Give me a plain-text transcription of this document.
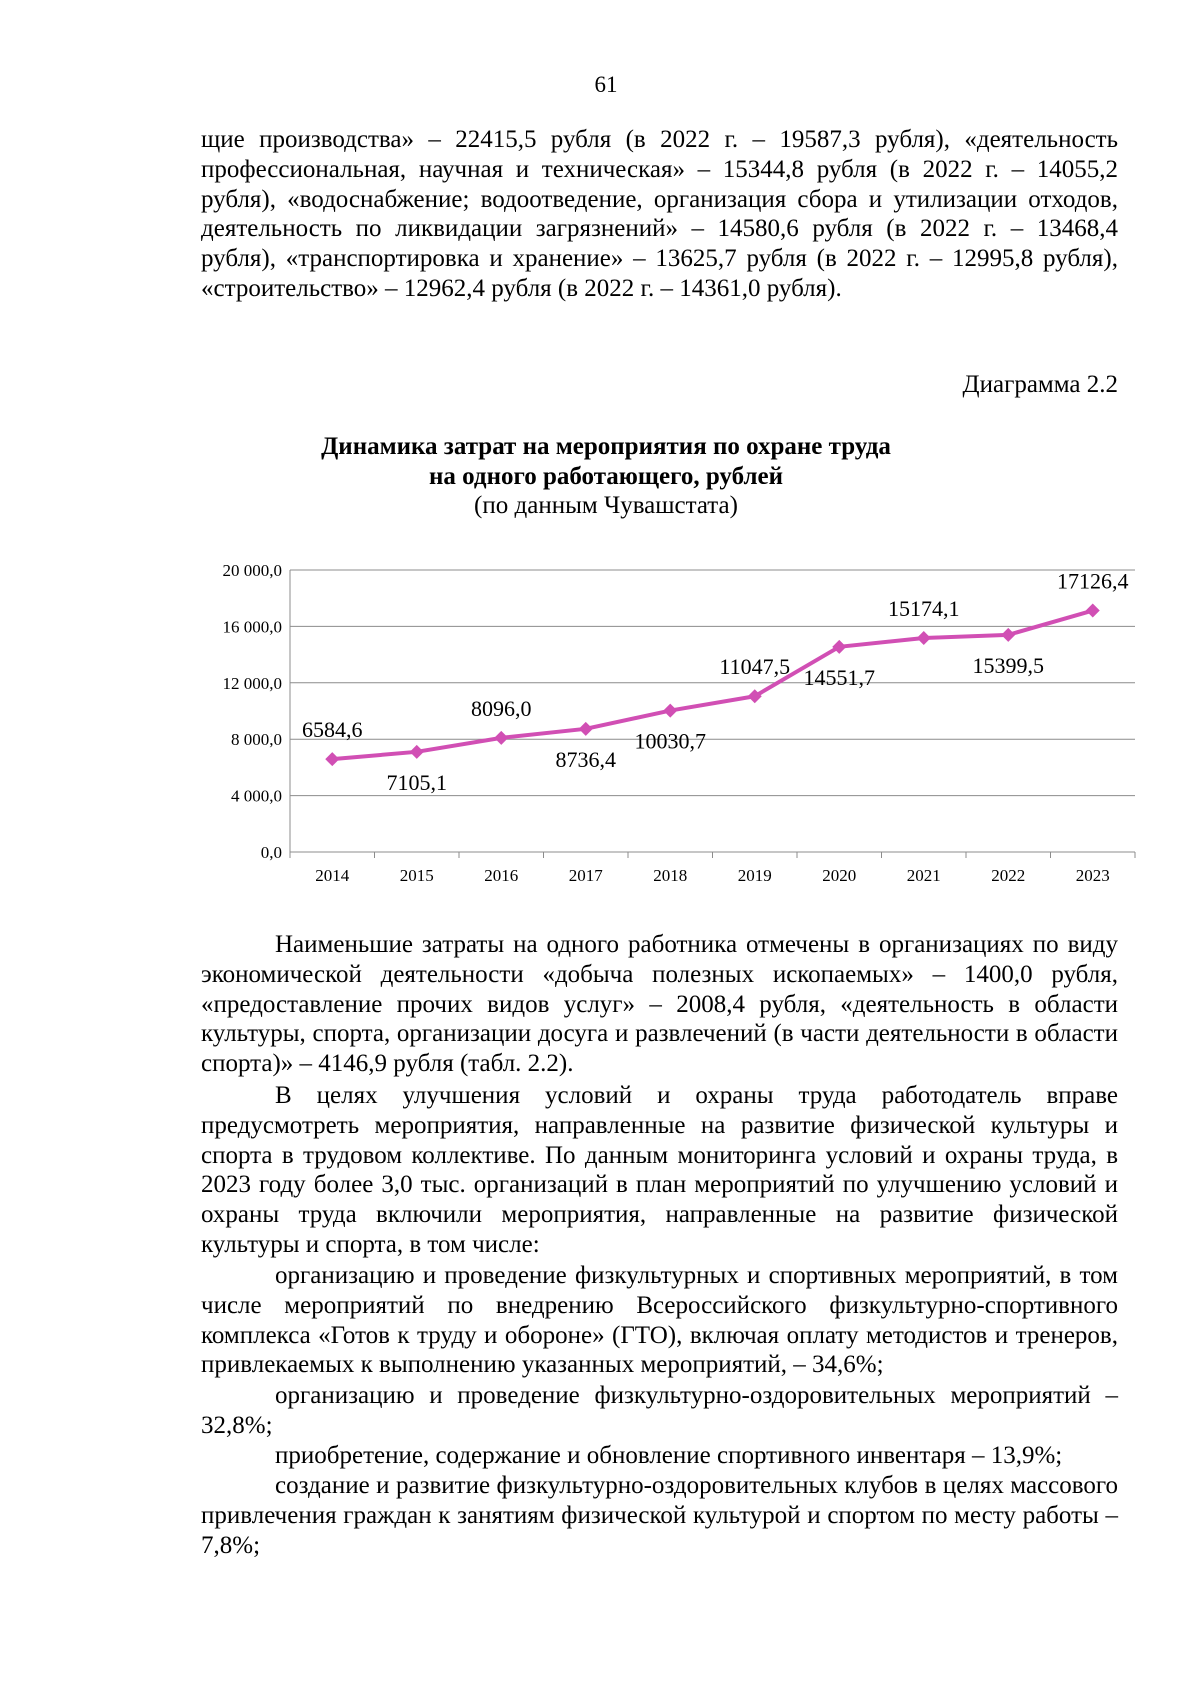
61

щие производства» – 22415,5 рубля (в 2022 г. – 19587,3 рубля), «деятельность профессиональная, научная и техническая» – 15344,8 рубля (в 2022 г. – 14055,2 рубля), «водоснабжение; водоотведение, организация сбора и утилизации отходов, деятельность по ликвидации загрязнений» – 14580,6 рубля (в 2022 г. – 13468,4 рубля), «транспортировка и хранение» – 13625,7 рубля (в 2022 г. – 12995,8 рубля), «строительство» – 12962,4 рубля (в 2022 г. – 14361,0 рубля).

Диаграмма 2.2
Динамика затрат на мероприятия по охране труда
на одного работающего, рублей
(по данным Чувашстата)
0,0
4 000,0
8 000,0
12 000,0
16 000,0
20 000,0
2014	2015	2016	2017	2018	2019	2020	2021	2022	2023
6584,6
7105,1
8096,0
8736,4
10030,7
11047,5 14551,7
15174,1
15399,5
17126,4

Наименьшие затраты на одного работника отмечены в организациях по виду экономической деятельности «добыча полезных ископаемых» – 1400,0 рубля, «предоставление прочих видов услуг» – 2008,4 рубля, «деятельность в области культуры, спорта, организации досуга и развлечений (в части деятельности в области спорта)» – 4146,9 рубля (табл. 2.2).

В целях улучшения условий и охраны труда работодатель вправе предусмотреть мероприятия, направленные на развитие физической культуры и спорта в трудовом коллективе. По данным мониторинга условий и охраны труда, в 2023 году более 3,0 тыс. организаций в план мероприятий по улучшению условий и охраны труда включили мероприятия, направленные на развитие физической культуры и спорта, в том числе:

организацию и проведение физкультурных и спортивных мероприятий, в том числе мероприятий по внедрению Всероссийского физкультурно-спортивного комплекса «Готов к труду и обороне» (ГТО), включая оплату методистов и тренеров, привлекаемых к выполнению указанных мероприятий, – 34,6%;

организацию и проведение физкультурно-оздоровительных мероприятий – 32,8%;

приобретение, содержание и обновление спортивного инвентаря – 13,9%;

создание и развитие физкультурно-оздоровительных клубов в целях массового привлечения граждан к занятиям физической культурой и спортом по месту работы – 7,8%;
